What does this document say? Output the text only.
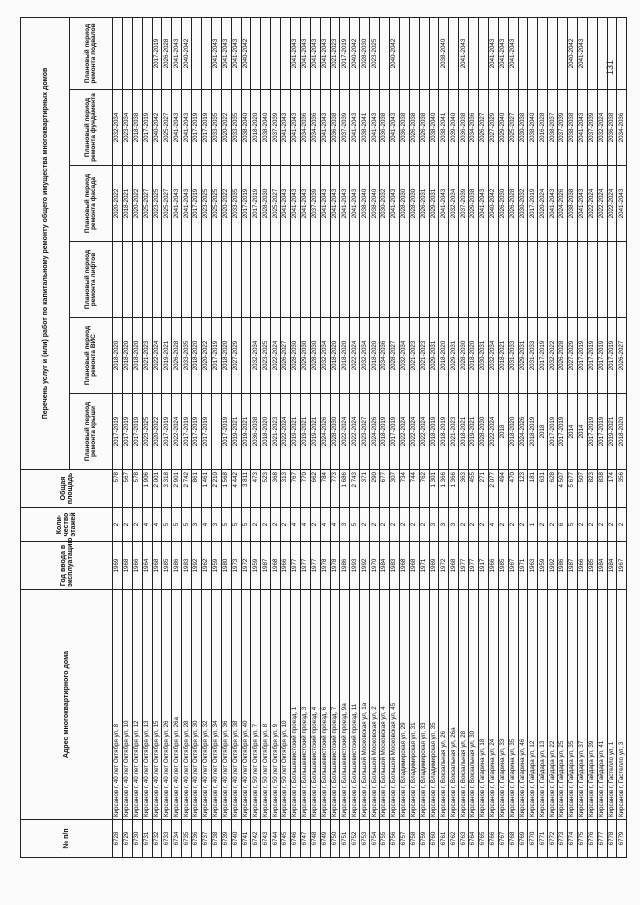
131
№ п/п	Адрес многоквартирного дома	Год ввода в эксплуатацию	Коли-чество этажей	Общая площадь	Перечень услуг и (или) работ по капитальному ремонту общего имущества многоквартирных домов					
					Плановый период ремонта крыши	Плановый период ремонта ВИС	Плановый период ремонта лифтов	Плановый период ремонта фасада	Плановый период ремонта фундамента	Плановый период ремонта подвалов

6728	Кирсанов г, 40 лет Октября ул, 8	1969	2	578	2017-2019	2018-2020		2020-2022	2032-2034	
6729	Кирсанов г, 40 лет Октября ул, 10	1968	2	567	2017-2019	2018-2020		2018-2021	2023-2034	
6730	Кирсанов г, 40 лет Октября ул, 12	1966	2	578	2017-2019	2018-2020		2020-2022	2018-2038	
6731	Кирсанов г, 40 лет Октября ул, 13	1964	4	1 906	2023-2025	2021-2023		2025-2027	2017-2019	
6732	Кирсанов г, 40 лет Октября ул, 15	1968	4	2 001	2020-2022	2022-2024		2023-2025	2040-2042	2017-2019
6733	Кирсанов г, 40 лет Октября ул, 26	1985	5	3 318	2017-2019	2019-2021		2025-2027	2025-2027	2026-2028
6734	Кирсанов г, 40 лет Октября ул, 26а	1986	5	2 901	2022-2024	2026-2028		2041-2043	2041-2043	2041-2043
6735	Кирсанов г, 40 лет Октября ул, 28	1983	5	2 742	2017-2019	2033-2035		2041-2043	2041-2043	2040-2042
6736	Кирсанов г, 40 лет Октября ул, 30	1992	3	861	2017-2019	2018-2020		2017-2019	2017-2019	
6737	Кирсанов г, 40 лет Октября ул, 32	1962	4	1 461	2017-2019	2020-2022		2023-2025	2017-2019	
6738	Кирсанов г, 40 лет Октября ул, 34	1959	3	2 210		2017-2019		2025-2025	2033-2035	2041-2043
6739	Кирсанов г, 40 лет Октября ул, 36	1980	5	1 568	2017-2019	2018-2020		2020-2022	2020-2022	2041-2043
6740	Кирсанов г, 40 лет Октября ул, 38	1973	5	4 442	2019-2021	2027-2029		2033-2035	2033-2035	2041-2043
6741	Кирсанов г, 40 лет Октября ул, 40	1972	5	3 811	2019-2021			2017-2019	2038-2040	2040-2042
6742	Кирсанов г, 50 лет Октября ул, 7	1959	2	473	2036-2038	2032-2034		2017-2019	2018-2020	
6743	Кирсанов г, 50 лет Октября ул, 8	1987	2	523	2018-2020	2023-2025		2028-2030	2038-2040	
6744	Кирсанов г, 50 лет Октября ул, 9	1968	2	368	2021-2023	2022-2024		2025-2027	2037-2039	
6745	Кирсанов г, 50 лет Октября ул, 10	1966	2	313	2022-2024	2026-2027		2041-2043	2041-2043	
6746	Кирсанов г, Большевистский проезд, 1	1977	4	767	2019-2021	2028-2030		2041-2043	2041-2043	2041-2043
6747	Кирсанов г, Большевистский проезд, 3	1977	4	770	2019-2021	2029-2030		2041-2043	2034-2036	2041-2043
6748	Кирсанов г, Большевистский проезд, 4	1977	2	662	2019-2021	2028-2030		2037-2039	2034-2036	2041-2043
6749	Кирсанов г, Большевистский проезд, 6	1978	4	784	2024-2026	2032-2034		2041-2043	2041-2043	2041-2043
6750	Кирсанов г, Большевистский проезд, 7	1978	4	773	2028-2030	2018-2020		2041-2043	2036-2038	2021-2023
6751	Кирсанов г, Большевистский проезд, 9а	1986	3	1 686	2022-2024	2018-2020		2041-2043	2037-2039	2017-2019
6752	Кирсанов г, Большевистский проезд, 11	1993	5	2 743	2022-2024	2022-2024		2041-2043	2041-2043	2040-2042
6753	Кирсанов г, Большой Московская ул, 1а	1992	2	371	2023-2027	2032-2034		2038-2040	2038-2041	2028-2030
6754	Кирсанов г, Большой Московская ул, 2	1970	2	290	2024-2026	2018-2020		2038-2040	2041-2043	2023-2025
6755	Кирсанов г, Большой Московская ул, 4	1984	2	677	2018-2019	2034-2036		2030-2032	2036-2038	
6756	Кирсанов г, Большой Московская ул, 45	1983	2	307	2017-2019	2028-2027		2041-2043	2041-2043	2040-2042
6757	Кирсанов г, Владимирская ул, 29	1968	2	734	2022-2024	2032-2034		2028-2030	2036-2038	
6758	Кирсанов г, Владимирская ул, 31	1968	2	744	2022-2024	2021-2023		2028-2030	2026-2038	
6759	Кирсанов г, Владимирская ул, 33	1971	2	762	2022-2024	2021-2023		2026-2031	2026-2038	
6760	Кирсанов г, Владимирская ул, 35	1969	3	1 301	2018-2019	2029-2031		2029-2031	2038-2040	
6761	Кирсанов г, Вокзальная ул, 26	1972	3	1 366	2018-2019	2018-2020		2041-2043	2038-2041	2038-2040
6762	Кирсанов г, Вокзальная ул, 26а	1968	3	1 366	2021-2023	2029-2031		2032-2034	2039-2040	
6763	Кирсанов г, Вокзальная ул, 28	1977	2	363	2018-2021	2028-2030		2037-2039	2036-2038	2041-2043
6764	Кирсанов г, Вокзальная ул, 30	1977	2	455	2019-2021	2018-2020		2029-2038	2034-2036	
6765	Кирсанов г, Гагарина ул, 18	1917	2	271	2028-2030	2030-2031		2041-2043	2026-2027	
6766	Кирсанов г, Гагарина ул, 24	1966	4	2 077	2022-2024	2032-2034		2040-2042	2027-2029	2041-2043
6767	Кирсанов г, Гагарина ул, 33	1985	2	494	2018	2018-2021		2026-2030	2029-2040	2041-2043
6768	Кирсанов г, Гагарина ул, 35	1967	2	470	2018-2020	2031-2033		2026-2028	2025-2027	2041-2043
6769	Кирсанов г, Гагарина ул, 46	1971	2	123	2024-2026	2029-2031		2030-2032	2030-2038	
6770	Кирсанов г, Гайдара ул, 12	1963	1	181	2018-2019	2031-2033		2017-2019	2038-2040	
6771	Кирсанов г, Гайдара ул, 13	1959	2	631	2018	2017-2019		2020-2024	2016-2028	
6772	Кирсанов г, Гайдара ул, 22	1992	2	628	2017-2019	2032-2022		2041-2043	2038-2037	
6773	Кирсанов г, Гайдара ул, 25	1986	6	4 507	2017-2019	2026-2028		2024-2026	2037-2039	
6774	Кирсанов г, Гайдара ул, 35	1987	5	5 677	2014	2027-2029		2038-2038	2038-2038	2040-2042
6775	Кирсанов г, Гайдара ул, 37	1966	2	507	2014	2017-2019		2041-2043	2041-2043	2041-2043
6776	Кирсанов г, Гайдара ул, 39	1985	2	823	2017-2019	2017-2019		2022-2024	2037-2039	
6777	Кирсанов г, Гайдара ул, 41	1984	2	838	2017-2019	2017-2019		2022-2024	2032-2024	
6778	Кирсанов г, Гастелло ул, 1	1984	2	174	2019-2021	2017-2019		2022-2024	2036-2038	
6779	Кирсанов г, Гастелло ул, 3	1967	2	356	2018-2020	2026-2027		2041-2043	2034-2036	
